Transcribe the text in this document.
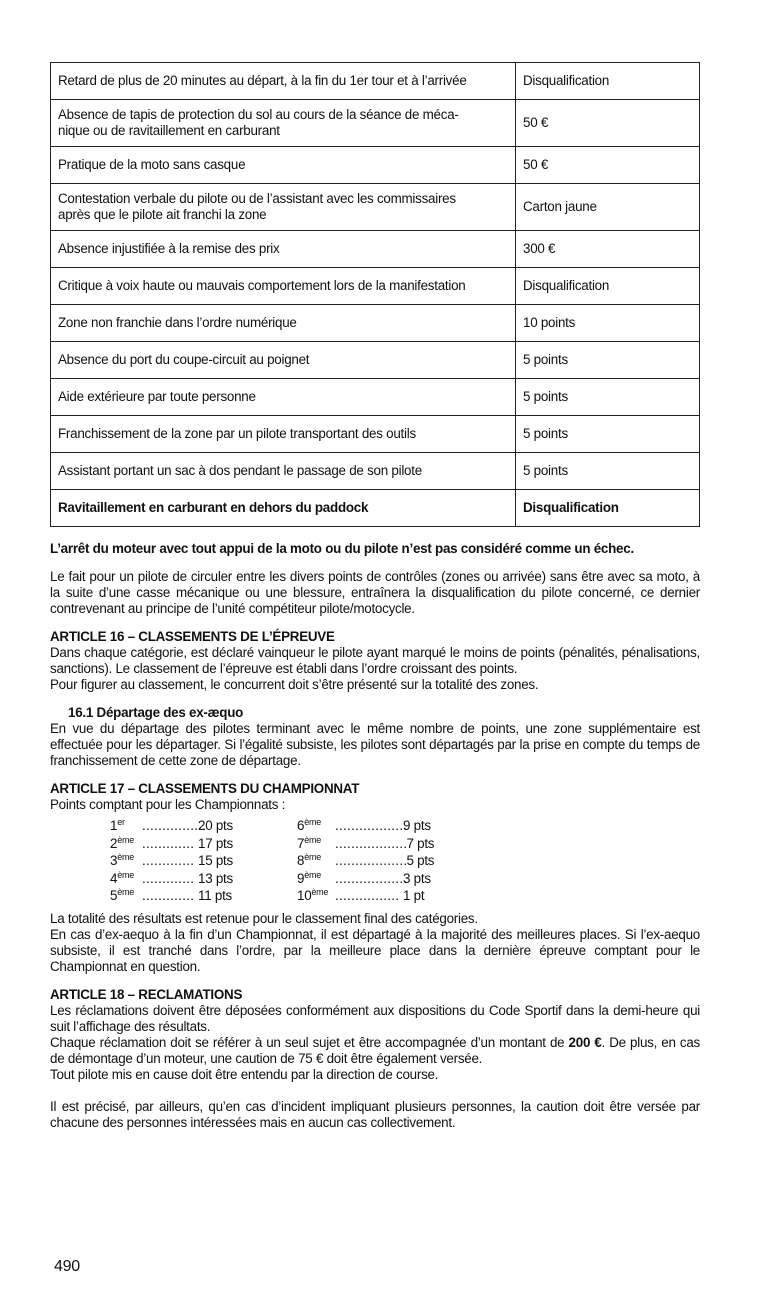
Retard de plus de 20 minutes au départ, à la fin du 1er tour et à l’arrivée	Disqualification
Absence de tapis de protection du sol au cours de la séance de méca-
nique ou de ravitaillement en carburant	50 €
Pratique de la moto sans casque	50 €
Contestation verbale du pilote ou de l’assistant avec les commissaires
après que le pilote ait franchi la zone	Carton jaune
Absence injustifiée à la remise des prix	300 €
Critique à voix haute ou mauvais comportement lors de la manifestation	Disqualification
Zone non franchie dans l’ordre numérique	10 points
Absence du port du coupe-circuit au poignet	5 points
Aide extérieure par toute personne	5 points
Franchissement de la zone par un pilote transportant des outils	5 points
Assistant portant un sac à dos pendant le passage de son pilote	5 points
Ravitaillement en carburant en dehors du paddock	Disqualification

L’arrêt du moteur avec tout appui de la moto ou du pilote n’est pas considéré comme un échec.

Le fait pour un pilote de circuler entre les divers points de contrôles (zones ou arrivée) sans être avec sa moto, à la suite d’une casse mécanique ou une blessure, entraînera la disqualification du pilote concerné, ce dernier contrevenant au principe de l’unité compétiteur pilote/motocycle.

ARTICLE 16 – CLASSEMENTS DE L’ÉPREUVE

Dans chaque catégorie, est déclaré vainqueur le pilote ayant marqué le moins de points (pénalités, pénalisations, sanctions). Le classement de l’épreuve est établi dans l’ordre croissant des points.

Pour figurer au classement, le concurrent doit s’être présenté sur la totalité des zones.

16.1 Départage des ex-æquo

En vue du départage des pilotes terminant avec le même nombre de points, une zone supplémentaire est effectuée pour les départager. Si l’égalité subsiste, les pilotes sont départagés par la prise en compte du temps de franchissement de cette zone de départage.

ARTICLE 17 – CLASSEMENTS DU CHAMPIONNAT

Points comptant pour les Championnats :

1er ................20 pts
2ème ............. 17 pts
3ème ............. 15 pts
4ème ............. 13 pts
5ème ............. 11 pts
6ème ..................9 pts
7ème .................. 7 pts
8ème .................. 5 pts
9ème ..................3 pts
10ème ................ 1 pt

La totalité des résultats est retenue pour le classement final des catégories.

En cas d’ex-aequo à la fin d’un Championnat, il est départagé à la majorité des meilleures places. Si l’ex-aequo subsiste, il est tranché dans l’ordre, par la meilleure place dans la dernière épreuve comptant pour le Championnat en question.

ARTICLE 18 – RECLAMATIONS

Les réclamations doivent être déposées conformément aux dispositions du Code Sportif dans la demi-heure qui suit l’affichage des résultats.

Chaque réclamation doit se référer à un seul sujet et être accompagnée d’un montant de 200 €. De plus, en cas de démontage d’un moteur, une caution de 75 € doit être également versée.

Tout pilote mis en cause doit être entendu par la direction de course.

Il est précisé, par ailleurs, qu’en cas d’incident impliquant plusieurs personnes, la caution doit être versée par chacune des personnes intéressées mais en aucun cas collectivement.

490
